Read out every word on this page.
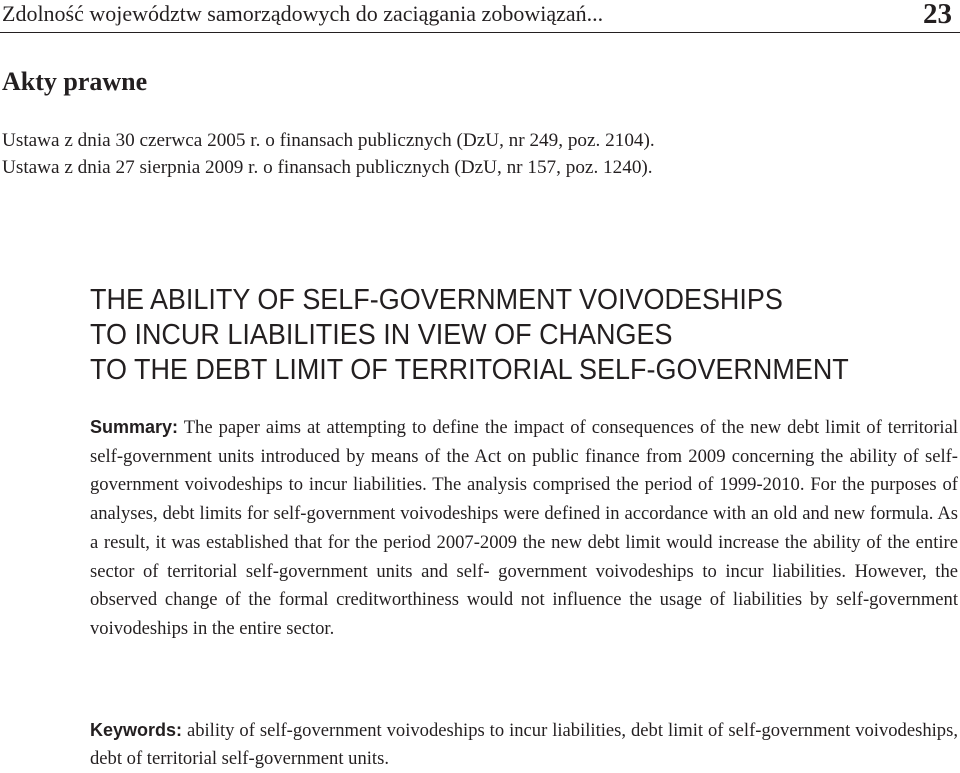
Zdolność województw samorządowych do zaciągania zobowiązań...	23
Akty prawne
Ustawa z dnia 30 czerwca 2005 r. o finansach publicznych (DzU, nr 249, poz. 2104).
Ustawa z dnia 27 sierpnia 2009 r. o finansach publicznych (DzU, nr 157, poz. 1240).
THE ABILITY OF SELF-GOVERNMENT VOIVODESHIPS
TO INCUR LIABILITIES IN VIEW OF CHANGES
TO THE DEBT LIMIT OF TERRITORIAL SELF-GOVERNMENT

Summary: The paper aims at attempting to define the impact of consequences of the new debt limit of territorial self-government units introduced by means of the Act on public finance from 2009 concerning the ability of self-government voivodeships to incur liabilities. The analysis comprised the period of 1999-2010. For the purposes of analyses, debt limits for self-government voivodeships were defined in accordance with an old and new formula. As a result, it was established that for the period 2007-2009 the new debt limit would increase the ability of the entire sector of territorial self-government units and self- government voivodeships to incur liabilities. However, the observed change of the formal creditworthiness would not influence the usage of liabilities by self-government voivodeships in the entire sector.

Keywords: ability of self-government voivodeships to incur liabilities, debt limit of self-government voivodeships, debt of territorial self-government units.
